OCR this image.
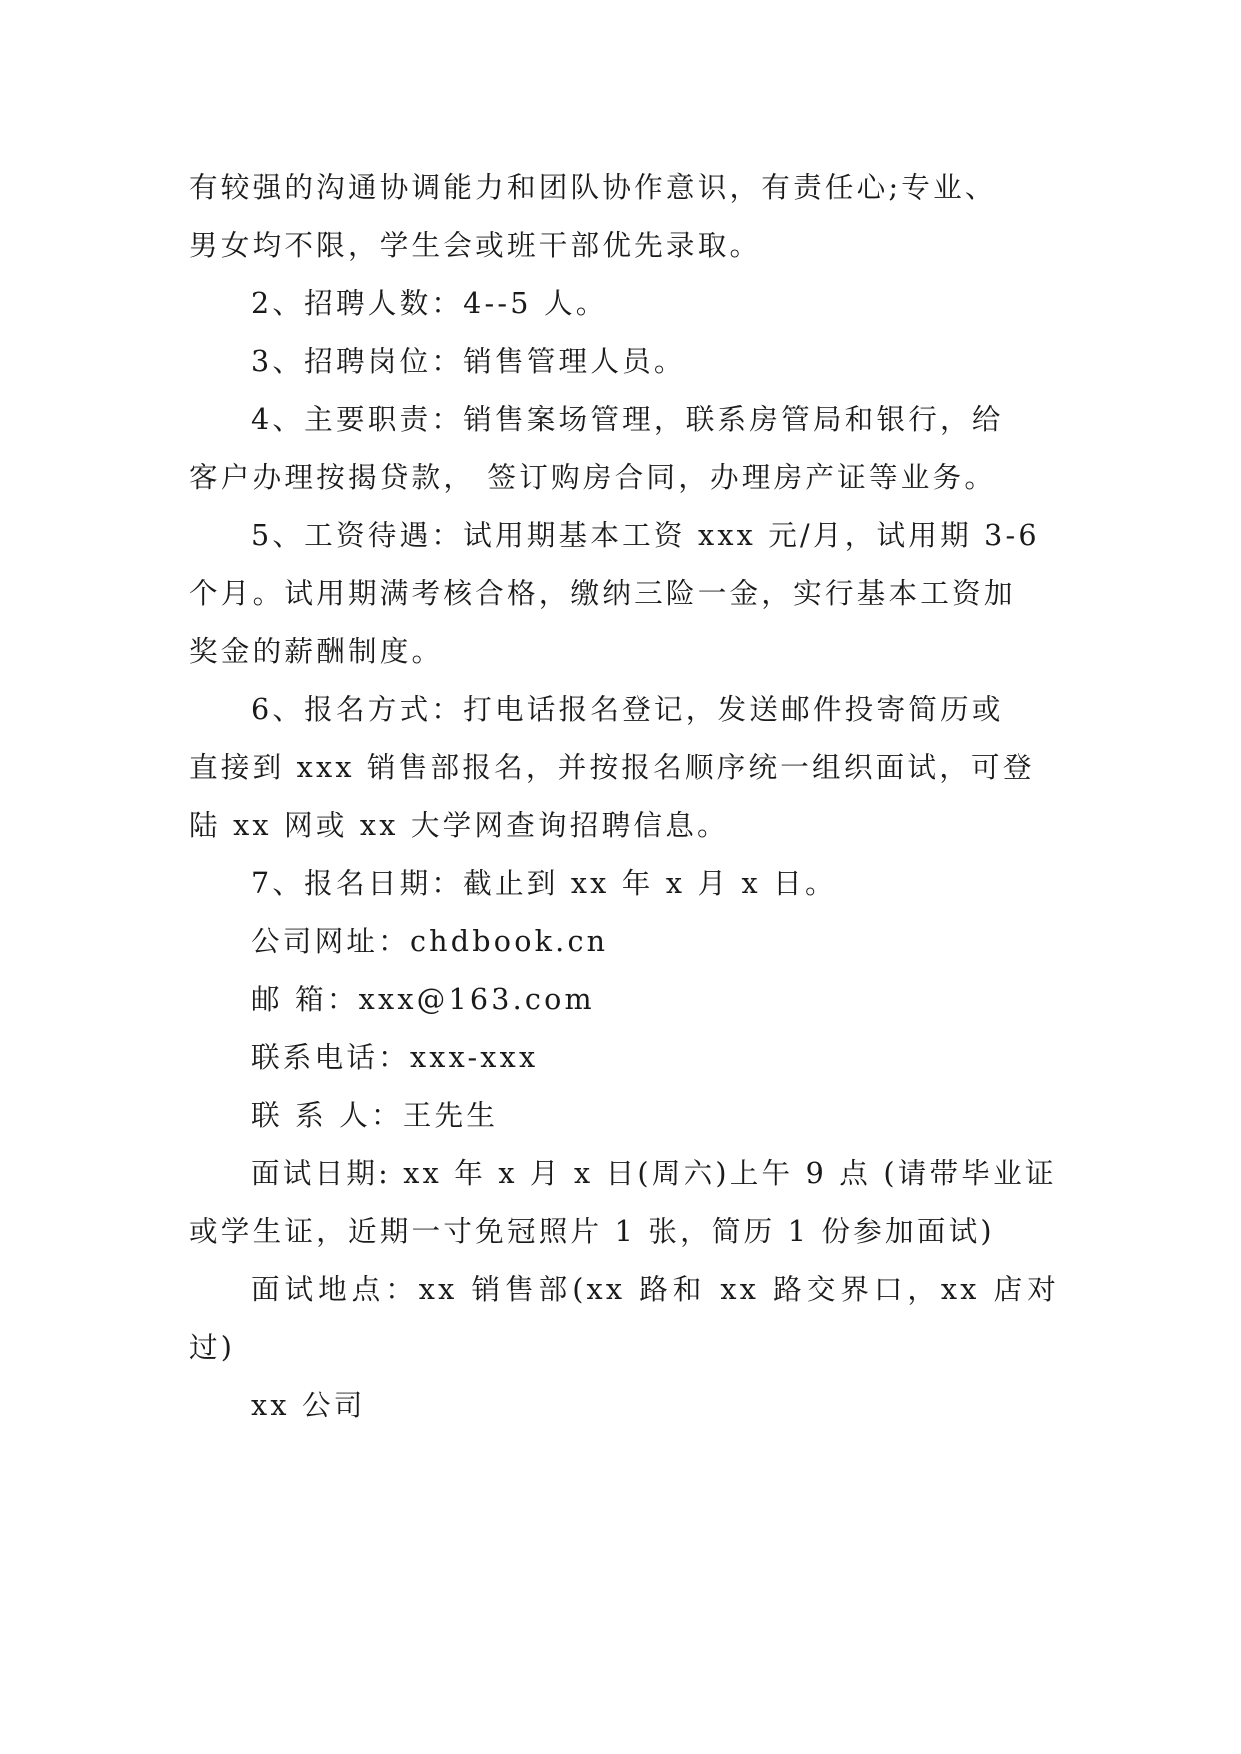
有较强的沟通协调能力和团队协作意识，有责任心;专业、
男女均不限，学生会或班干部优先录取。

2、招聘人数：4--5 人。

3、招聘岗位：销售管理人员。

4、主要职责：销售案场管理，联系房管局和银行，给
客户办理按揭贷款， 签订购房合同，办理房产证等业务。

5、工资待遇：试用期基本工资 xxx 元/月，试用期 3-6
个月。试用期满考核合格，缴纳三险一金，实行基本工资加
奖金的薪酬制度。

6、报名方式：打电话报名登记，发送邮件投寄简历或
直接到 xxx 销售部报名，并按报名顺序统一组织面试，可登
陆 xx 网或 xx 大学网查询招聘信息。

7、报名日期：截止到 xx 年 x 月 x 日。

公司网址：chdbook.cn

邮 箱：xxx@163.com

联系电话：xxx-xxx

联 系 人：王先生

面试日期: xx 年 x 月 x 日(周六)上午 9 点 (请带毕业证
或学生证，近期一寸免冠照片 1 张，简历 1 份参加面试)

面试地点：xx 销售部(xx 路和 xx 路交界口，xx 店对过)

xx 公司
